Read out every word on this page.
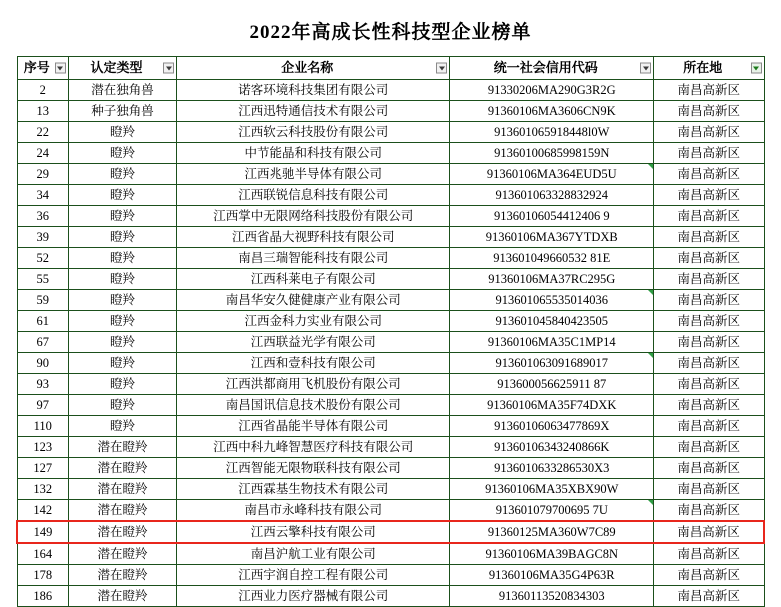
2022年高成长性科技型企业榜单
序号	认定类型	企业名称	统一社会信用代码	所在地

2	潜在独角兽	诺客环境科技集团有限公司	91330206MA290G3R2G	南昌高新区
13	种子独角兽	江西迅特通信技术有限公司	91360106MA3606CN9K	南昌高新区
22	瞪羚	江西软云科技股份有限公司	913601065918448l0W	南昌高新区
24	瞪羚	中节能晶和科技有限公司	91360100685998159N	南昌高新区
29	瞪羚	江西兆驰半导体有限公司	91360106MA364EUD5U	南昌高新区
34	瞪羚	江西联锐信息科技有限公司	913601063328832924	南昌高新区
36	瞪羚	江西掌中无限网络科技股份有限公司	91360106054412406 9	南昌高新区
39	瞪羚	江西省晶大视野科技有限公司	91360106MA367YTDXB	南昌高新区
52	瞪羚	南昌三瑞智能科技有限公司	913601049660532 81E	南昌高新区
55	瞪羚	江西科莱电子有限公司	91360106MA37RC295G	南昌高新区
59	瞪羚	南昌华安久健健康产业有限公司	913601065535014036	南昌高新区
61	瞪羚	江西金科力实业有限公司	913601045840423505	南昌高新区
67	瞪羚	江西联益光学有限公司	91360106MA35C1MP14	南昌高新区
90	瞪羚	江西和壹科技有限公司	913601063091689017	南昌高新区
93	瞪羚	江西洪都商用飞机股份有限公司	913600056625911 87	南昌高新区
97	瞪羚	南昌国讯信息技术股份有限公司	91360106MA35F74DXK	南昌高新区
110	瞪羚	江西省晶能半导体有限公司	91360106063477869X	南昌高新区
123	潜在瞪羚	江西中科九峰智慧医疗科技有限公司	91360106343240866K	南昌高新区
127	潜在瞪羚	江西智能无限物联科技有限公司	9136010633286530X3	南昌高新区
132	潜在瞪羚	江西霖基生物技术有限公司	91360106MA35XBX90W	南昌高新区
142	潜在瞪羚	南昌市永峰科技有限公司	913601079700695 7U	南昌高新区
149	潜在瞪羚	江西云擎科技有限公司	91360125MA360W7C89	南昌高新区
164	潜在瞪羚	南昌沪航工业有限公司	91360106MA39BAGC8N	南昌高新区
178	潜在瞪羚	江西宇润自控工程有限公司	91360106MA35G4P63R	南昌高新区
186	潜在瞪羚	江西业力医疗器械有限公司	91360113520834303	南昌高新区
